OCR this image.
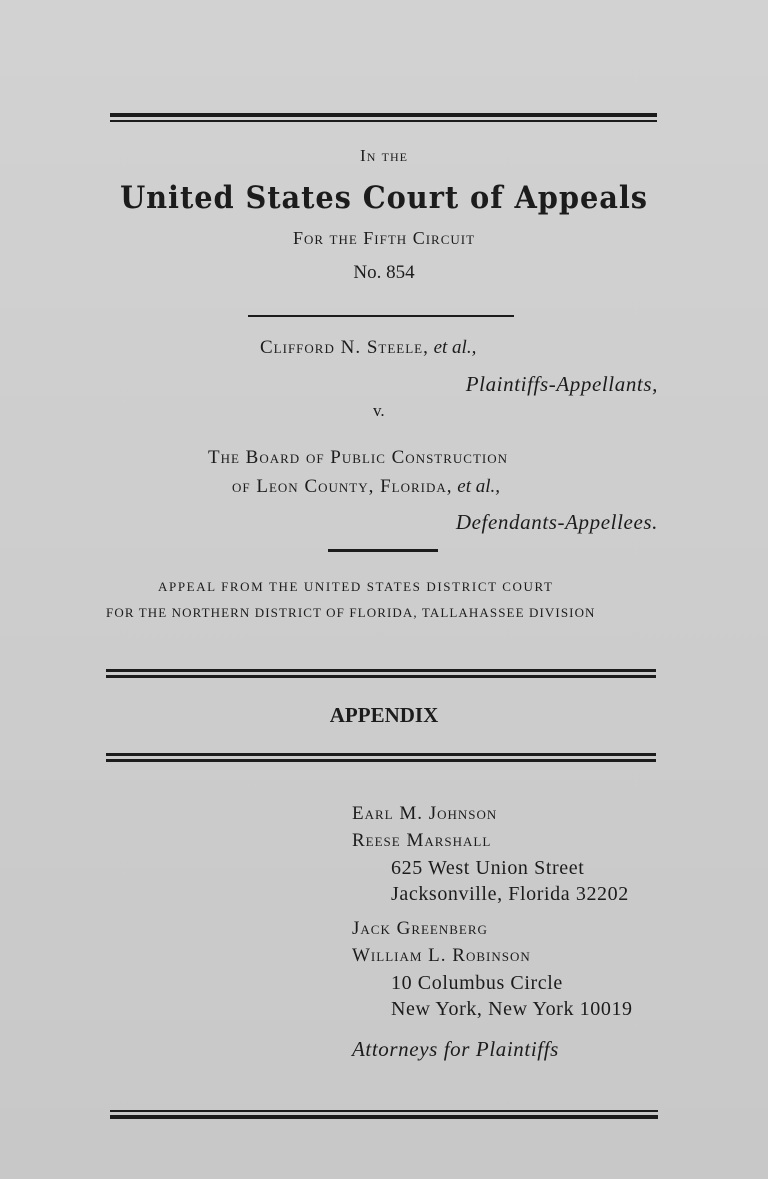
In the
United States Court of Appeals
For the Fifth Circuit
No. 854
Clifford N. Steele, et al.,
Plaintiffs-Appellants,
v.
The Board of Public Construction
of Leon County, Florida, et al.,
Defendants-Appellees.
APPEAL FROM THE UNITED STATES DISTRICT COURT
FOR THE NORTHERN DISTRICT OF FLORIDA, TALLAHASSEE DIVISION
APPENDIX
Earl M. Johnson
Reese Marshall
625 West Union Street
Jacksonville, Florida 32202
Jack Greenberg
William L. Robinson
10 Columbus Circle
New York, New York 10019
Attorneys for Plaintiffs
